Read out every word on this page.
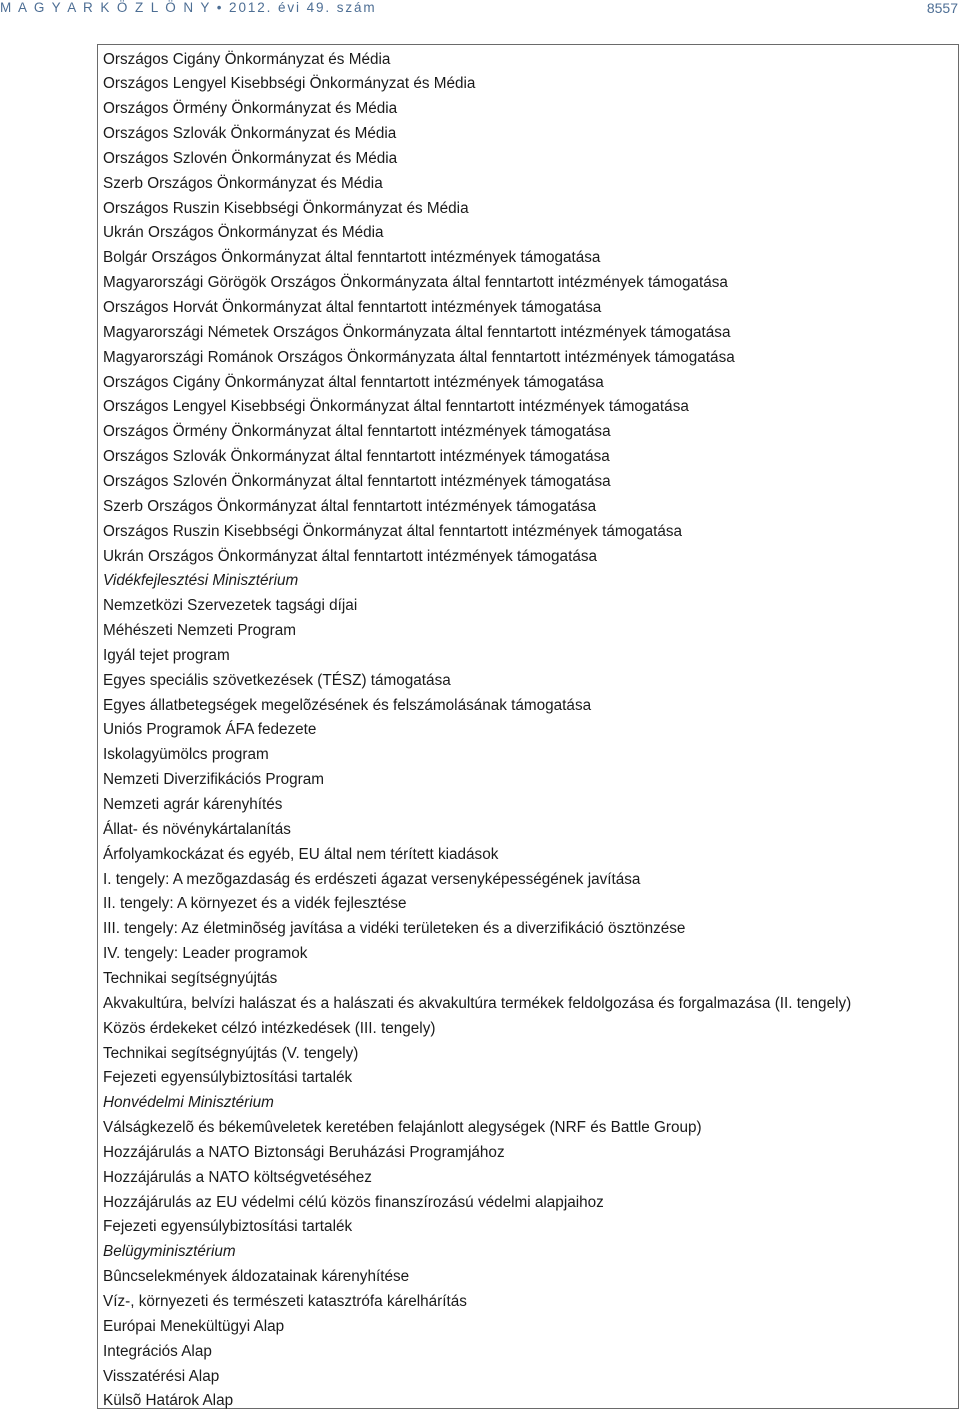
M A G Y A R K Ö Z L Ö N Y • 2012. évi 49. szám	8557
Országos Cigány Önkormányzat és Média
Országos Lengyel Kisebbségi Önkormányzat és Média
Országos Örmény Önkormányzat és Média
Országos Szlovák Önkormányzat és Média
Országos Szlovén Önkormányzat és Média
Szerb Országos Önkormányzat és Média
Országos Ruszin Kisebbségi Önkormányzat és Média
Ukrán Országos Önkormányzat és Média
Bolgár Országos Önkormányzat által fenntartott intézmények támogatása
Magyarországi Görögök Országos Önkormányzata által fenntartott intézmények támogatása
Országos Horvát Önkormányzat által fenntartott intézmények támogatása
Magyarországi Németek Országos Önkormányzata által fenntartott intézmények támogatása
Magyarországi Románok Országos Önkormányzata által fenntartott intézmények támogatása
Országos Cigány Önkormányzat által fenntartott intézmények támogatása
Országos Lengyel Kisebbségi Önkormányzat által fenntartott intézmények támogatása
Országos Örmény Önkormányzat által fenntartott intézmények támogatása
Országos Szlovák Önkormányzat által fenntartott intézmények támogatása
Országos Szlovén Önkormányzat által fenntartott intézmények támogatása
Szerb Országos Önkormányzat által fenntartott intézmények támogatása
Országos Ruszin Kisebbségi Önkormányzat által fenntartott intézmények támogatása
Ukrán Országos Önkormányzat által fenntartott intézmények támogatása
Vidékfejlesztési Minisztérium
Nemzetközi Szervezetek tagsági díjai
Méhészeti Nemzeti Program
Igyál tejet program
Egyes speciális szövetkezések (TÉSZ) támogatása
Egyes állatbetegségek megelõzésének és felszámolásának támogatása
Uniós Programok ÁFA fedezete
Iskolagyümölcs program
Nemzeti Diverzifikációs Program
Nemzeti agrár kárenyhítés
Állat- és növénykártalanítás
Árfolyamkockázat és egyéb, EU által nem térített kiadások
I. tengely: A mezõgazdaság és erdészeti ágazat versenyképességének javítása
II. tengely: A környezet és a vidék fejlesztése
III. tengely: Az életminõség javítása a vidéki területeken és a diverzifikáció ösztönzése
IV. tengely: Leader programok
Technikai segítségnyújtás
Akvakultúra, belvízi halászat és a halászati és akvakultúra termékek feldolgozása és forgalmazása (II. tengely)
Közös érdekeket célzó intézkedések (III. tengely)
Technikai segítségnyújtás (V. tengely)
Fejezeti egyensúlybiztosítási tartalék
Honvédelmi Minisztérium
Válságkezelõ és békemûveletek keretében felajánlott alegységek (NRF és Battle Group)
Hozzájárulás a NATO Biztonsági Beruházási Programjához
Hozzájárulás a NATO költségvetéséhez
Hozzájárulás az EU védelmi célú közös finanszírozású védelmi alapjaihoz
Fejezeti egyensúlybiztosítási tartalék
Belügyminisztérium
Bûncselekmények áldozatainak kárenyhítése
Víz-, környezeti és természeti katasztrófa kárelhárítás
Európai Menekültügyi Alap
Integrációs Alap
Visszatérési Alap
Külsõ Határok Alap
